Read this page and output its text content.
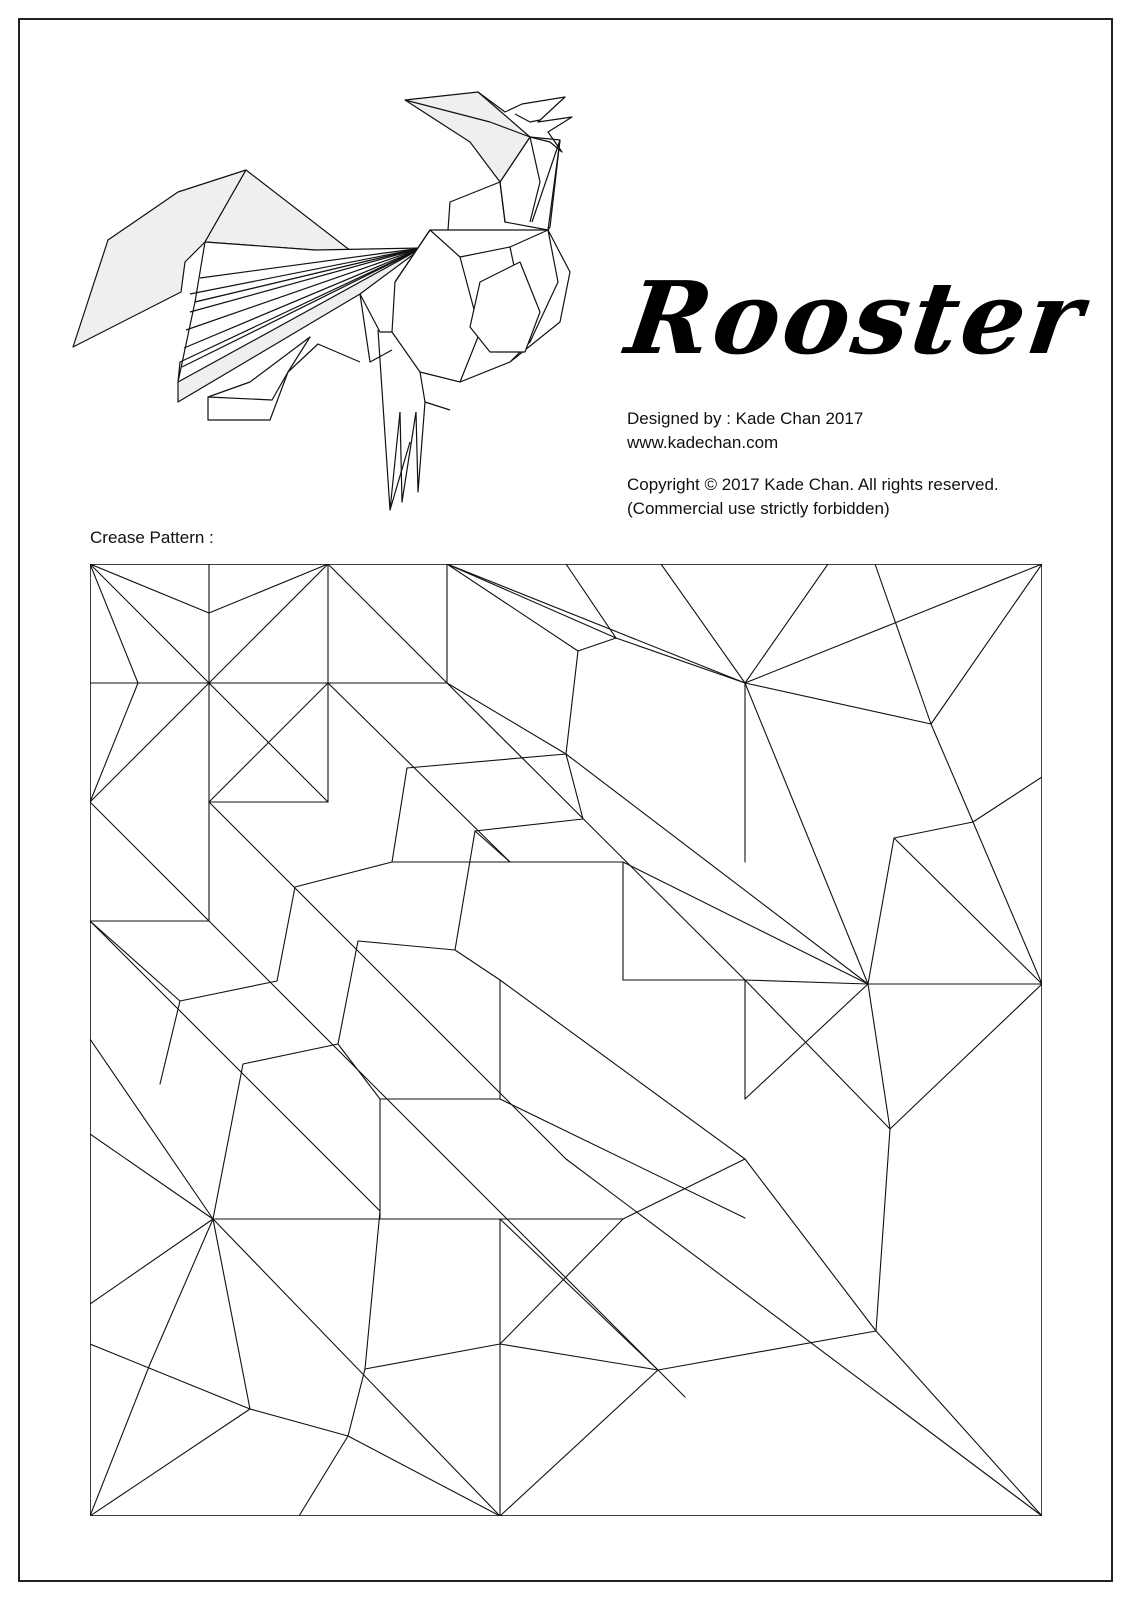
Rooster
Designed by : Kade Chan 2017
www.kadechan.com
Copyright © 2017 Kade Chan. All rights reserved.
(Commercial use strictly forbidden)
Crease Pattern :
